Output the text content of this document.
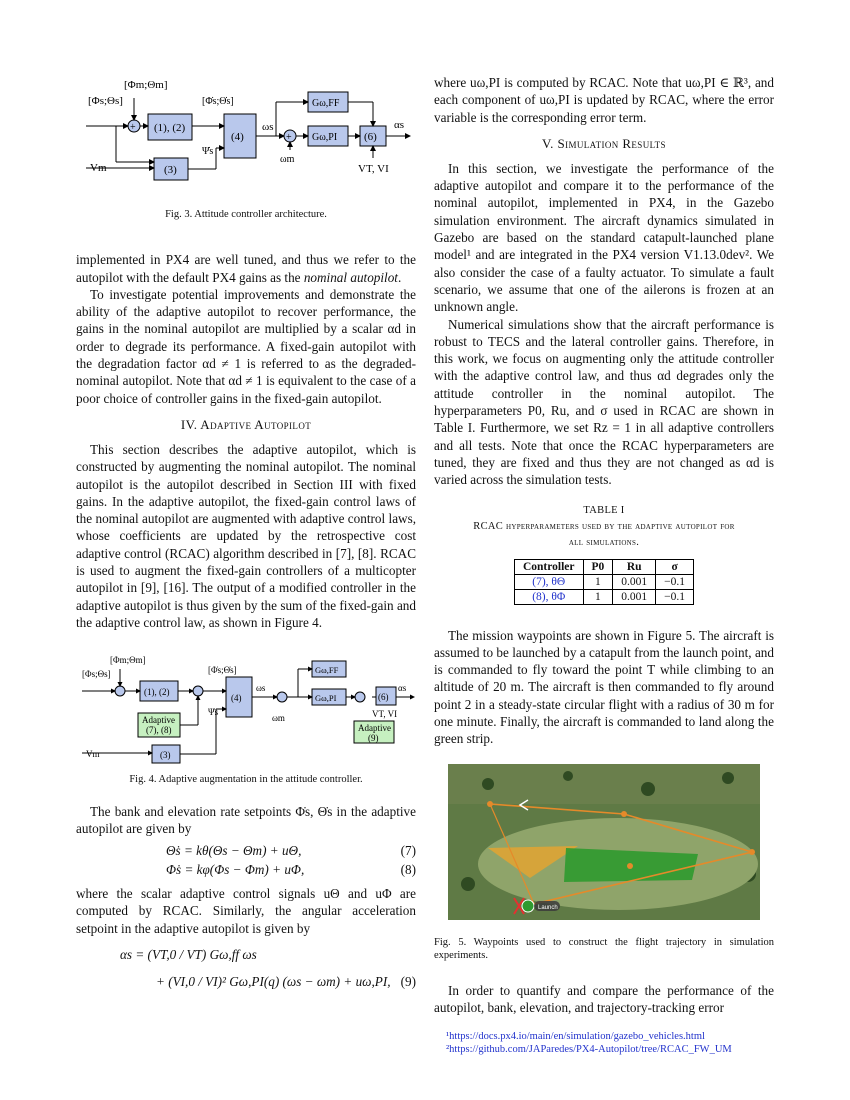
[Φs;Θs]
[Φm;Θm]
+ (1), (2)
(3)
Vm
(4)
[Φ̇s;Θ̇s]
Ψ̇s
ωs
+
ωm
Gω,FF
Gω,PI (6)
αs
VT, VI

Fig. 3. Attitude controller architecture.

implemented in PX4 are well tuned, and thus we refer to the autopilot with the default PX4 gains as the nominal autopilot.

To investigate potential improvements and demonstrate the ability of the adaptive autopilot to recover performance, the gains in the nominal autopilot are multiplied by a scalar αd in order to degrade its performance. A fixed-gain autopilot with the degradation factor αd ≠ 1 is referred to as the degraded-nominal autopilot. Note that αd ≠ 1 is equivalent to the case of a poor choice of controller gains in the fixed-gain autopilot.

IV. Adaptive Autopilot

This section describes the adaptive autopilot, which is constructed by augmenting the nominal autopilot. The nominal autopilot is the autopilot described in Section III with fixed gains. In the adaptive autopilot, the fixed-gain control laws of the nominal autopilot are augmented with adaptive control laws, whose coefficients are updated by the retrospective cost adaptive control (RCAC) algorithm described in [7], [8]. RCAC is used to augment the fixed-gain controllers of a multicopter autopilot in [9], [16]. The output of a modified controller in the adaptive autopilot is thus given by the sum of the fixed-gain and the adaptive control law, as shown in Figure 4.

[Φs;Θs]
[Φm;Θm]
(1), (2)
Adaptive
(7), (8)
(3)
Vm
[Φ̇s;Θ̇s]
Ψ̇s
(4)
ωs
ωm
Gω,FF
Gω,PI
Adaptive
(9)
(6)
αs
VT, VI

Fig. 4. Adaptive augmentation in the attitude controller.

The bank and elevation rate setpoints Φ̇s, Θ̇s in the adaptive autopilot are given by

Θ̇s = kθ(Θs − Θm) + uΘ,	(7)
Φ̇s = kφ(Φs − Φm) + uΦ,	(8)

where the scalar adaptive control signals uΘ and uΦ are computed by RCAC. Similarly, the angular acceleration setpoint in the adaptive autopilot is given by

αs = (VT,0 / VT) Gω,ff ωs
+ (VI,0 / VI)² Gω,PI(q) (ωs − ωm) + uω,PI, (9)

where uω,PI is computed by RCAC. Note that uω,PI ∈ ℝ³, and each component of uω,PI is updated by RCAC, where the error variable is the corresponding error term.

V. Simulation Results

In this section, we investigate the performance of the adaptive autopilot and compare it to the performance of the nominal autopilot, implemented in PX4, in the Gazebo simulation environment. The aircraft dynamics simulated in Gazebo are based on the standard catapult-launched plane model¹ and are integrated in the PX4 version V1.13.0dev². We also consider the case of a faulty actuator. To simulate a fault scenario, we assume that one of the ailerons is frozen at an unknown angle.

Numerical simulations show that the aircraft performance is robust to TECS and the lateral controller gains. Therefore, in this work, we focus on augmenting only the attitude controller with the adaptive control law, and thus αd degrades only the attitude controller in the nominal autopilot. The hyperparameters P0, Ru, and σ used in RCAC are shown in Table I. Furthermore, we set Rz = 1 in all adaptive controllers and all tests. Note that once the RCAC hyperparameters are tuned, they are fixed and thus they are not changed as αd is varied across the simulation tests.

TABLE I
RCAC hyperparameters used by the adaptive autopilot for
all simulations.
Controller	P0	Ru	σ
(7), θΘ	1	0.001	−0.1
(8), θΦ	1	0.001	−0.1

The mission waypoints are shown in Figure 5. The aircraft is assumed to be launched by a catapult from the launch point, and is commanded to fly toward the point T while climbing to an altitude of 20 m. The aircraft is then commanded to fly around point 2 in a steady-state circular flight with a radius of 30 m for one minute. Finally, the aircraft is commanded to land along the green strip.

Launch

Fig. 5. Waypoints used to construct the flight trajectory in simulation experiments.

In order to quantify and compare the performance of the autopilot, bank, elevation, and trajectory-tracking error

¹https://docs.px4.io/main/en/simulation/gazebo_vehicles.html
²https://github.com/JAParedes/PX4-Autopilot/tree/RCAC_FW_UM
